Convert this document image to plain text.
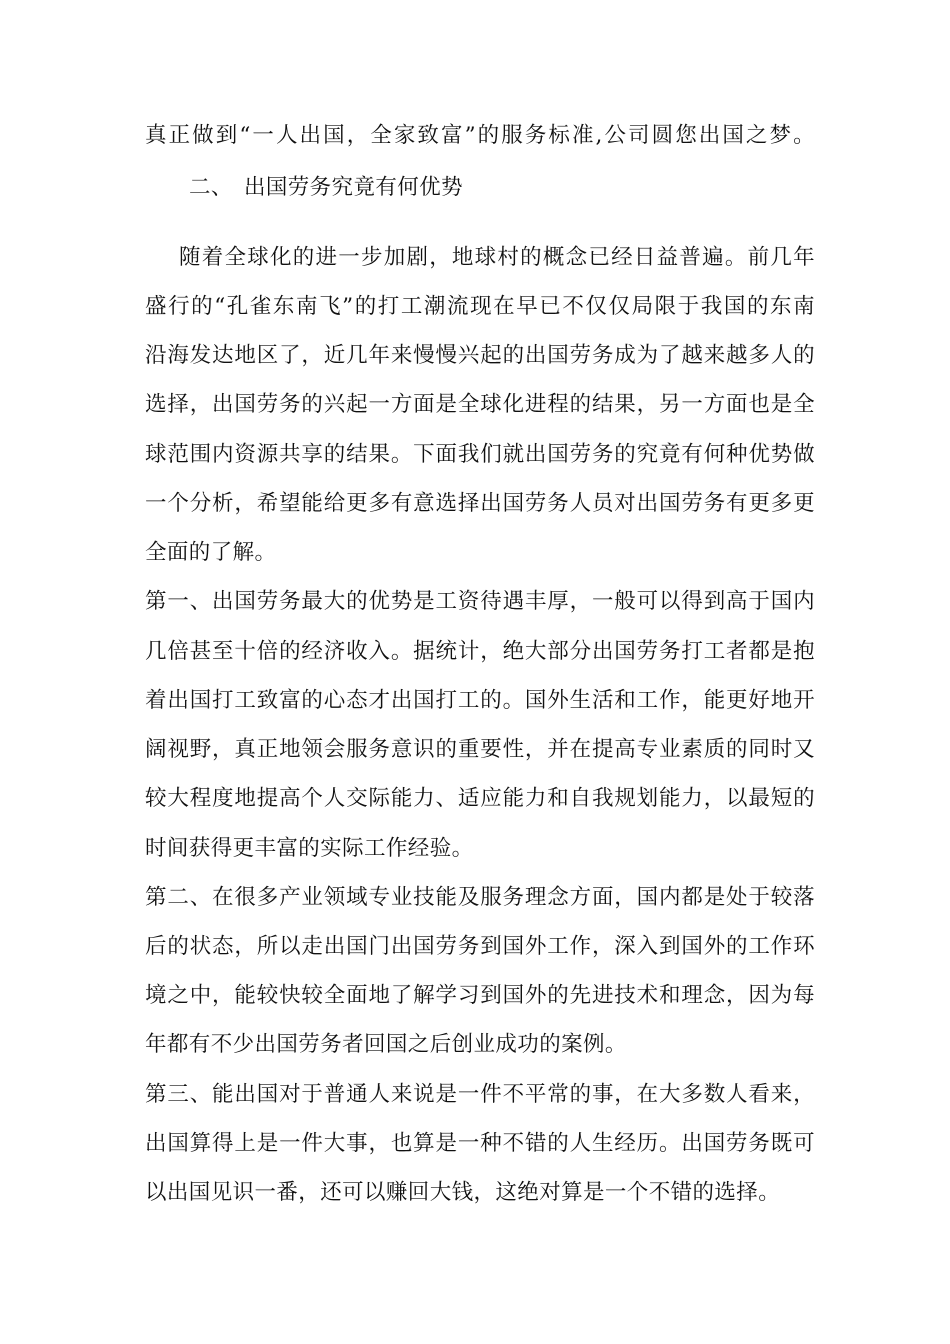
真正做到“一人出国，全家致富”的服务标准,公司圆您出国之梦。
二、　出国劳务究竟有何优势
随着全球化的进一步加剧，地球村的概念已经日益普遍。前几年
盛行的“孔雀东南飞”的打工潮流现在早已不仅仅局限于我国的东南
沿海发达地区了，近几年来慢慢兴起的出国劳务成为了越来越多人的
选择，出国劳务的兴起一方面是全球化进程的结果，另一方面也是全
球范围内资源共享的结果。下面我们就出国劳务的究竟有何种优势做
一个分析，希望能给更多有意选择出国劳务人员对出国劳务有更多更
全面的了解。
第一、出国劳务最大的优势是工资待遇丰厚，一般可以得到高于国内
几倍甚至十倍的经济收入。据统计，绝大部分出国劳务打工者都是抱
着出国打工致富的心态才出国打工的。国外生活和工作，能更好地开
阔视野，真正地领会服务意识的重要性，并在提高专业素质的同时又
较大程度地提高个人交际能力、适应能力和自我规划能力，以最短的
时间获得更丰富的实际工作经验。
第二、在很多产业领域专业技能及服务理念方面，国内都是处于较落
后的状态，所以走出国门出国劳务到国外工作，深入到国外的工作环
境之中，能较快较全面地了解学习到国外的先进技术和理念，因为每
年都有不少出国劳务者回国之后创业成功的案例。
第三、能出国对于普通人来说是一件不平常的事，在大多数人看来，
出国算得上是一件大事，也算是一种不错的人生经历。出国劳务既可
以出国见识一番，还可以赚回大钱，这绝对算是一个不错的选择。
